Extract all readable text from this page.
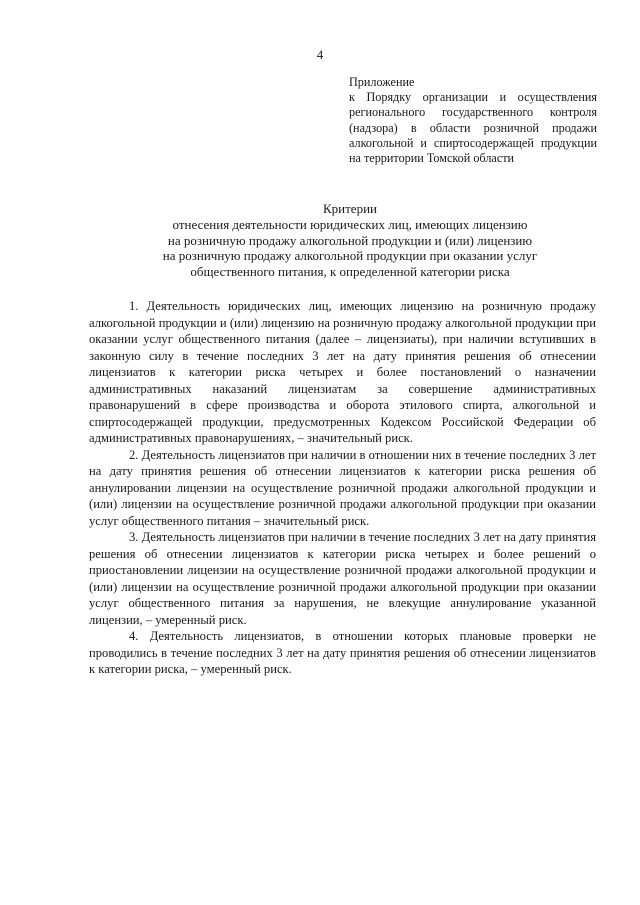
4
Приложение
к Порядку организации и осуществления регионального государственного контроля (надзора) в области розничной продажи алкогольной и спиртосодержащей продукции на территории Томской области
Критерии
отнесения деятельности юридических лиц, имеющих лицензию
на розничную продажу алкогольной продукции и (или) лицензию
на розничную продажу алкогольной продукции при оказании услуг
общественного питания, к определенной категории риска

1. Деятельность юридических лиц, имеющих лицензию на розничную продажу алкогольной продукции и (или) лицензию на розничную продажу алкогольной продукции при оказании услуг общественного питания (далее – лицензиаты), при наличии вступивших в законную силу в течение последних 3 лет на дату принятия решения об отнесении лицензиатов к категории риска четырех и более постановлений о назначении административных наказаний лицензиатам за совершение административных правонарушений в сфере производства и оборота этилового спирта, алкогольной и спиртосодержащей продукции, предусмотренных Кодексом Российской Федерации об административных правонарушениях, – значительный риск.

2. Деятельность лицензиатов при наличии в отношении них в течение последних 3 лет на дату принятия решения об отнесении лицензиатов к категории риска решения об аннулировании лицензии на осуществление розничной продажи алкогольной продукции и (или) лицензии на осуществление розничной продажи алкогольной продукции при оказании услуг общественного питания – значительный риск.

3. Деятельность лицензиатов при наличии в течение последних 3 лет на дату принятия решения об отнесении лицензиатов к категории риска четырех и более решений о приостановлении лицензии на осуществление розничной продажи алкогольной продукции и (или) лицензии на осуществление розничной продажи алкогольной продукции при оказании услуг общественного питания за нарушения, не влекущие аннулирование указанной лицензии, – умеренный риск.

4. Деятельность лицензиатов, в отношении которых плановые проверки не проводились в течение последних 3 лет на дату принятия решения об отнесении лицензиатов к категории риска, – умеренный риск.
